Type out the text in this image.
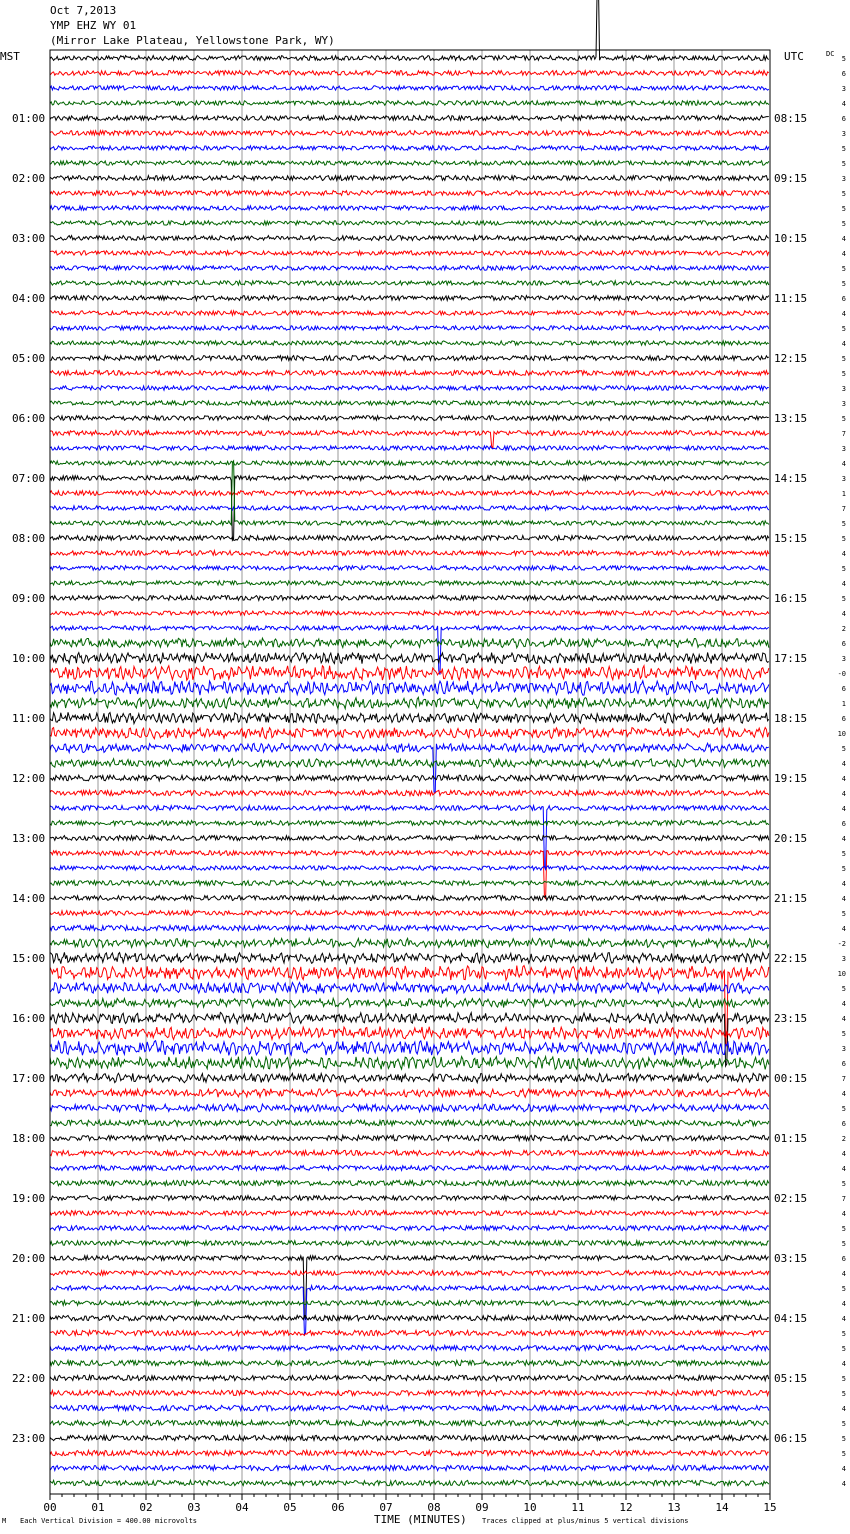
Oct 7,2013
YMP EHZ WY 01
(Mirror Lake Plateau, Yellowstone Park, WY)
01:00
02:00
03:00
04:00
05:00
06:00
07:00
08:00
09:00
10:00
11:00
12:00
13:00
14:00
15:00
16:00
17:00
18:00
19:00
20:00
21:00
22:00
23:00
08:15
09:15
10:15
11:15
12:15
13:15
14:15
15:15
16:15
17:15
18:15
19:15
20:15
21:15
22:15
23:15
00:15
01:15
02:15
03:15
04:15
05:15
06:15
5
6
3
4
6
3
5
5
3
5
5
5
4
4
5
5
6
4
5
4
5
5
3
3
5
7
3
4
3
1
7
5
5
4
5
4
5
4
2
6
3
-0
6
1
6
10
5
4
4
4
4
6
4
5
5
4
4
5
4
-2
3
10
5
4
4
5
3
6
7
4
5
6
2
4
4
5
7
4
5
5
6
4
5
4
4
5
5
4
5
5
4
5
5
5
4
4
00	01	02	03	04	05	06	07	08	09	10	11	12	13	14	15
MST	UTC	DC
M Each Vertical Division = 400.00 microvolts	TIME (MINUTES) Traces clipped at plus/minus 5 vertical divisions
